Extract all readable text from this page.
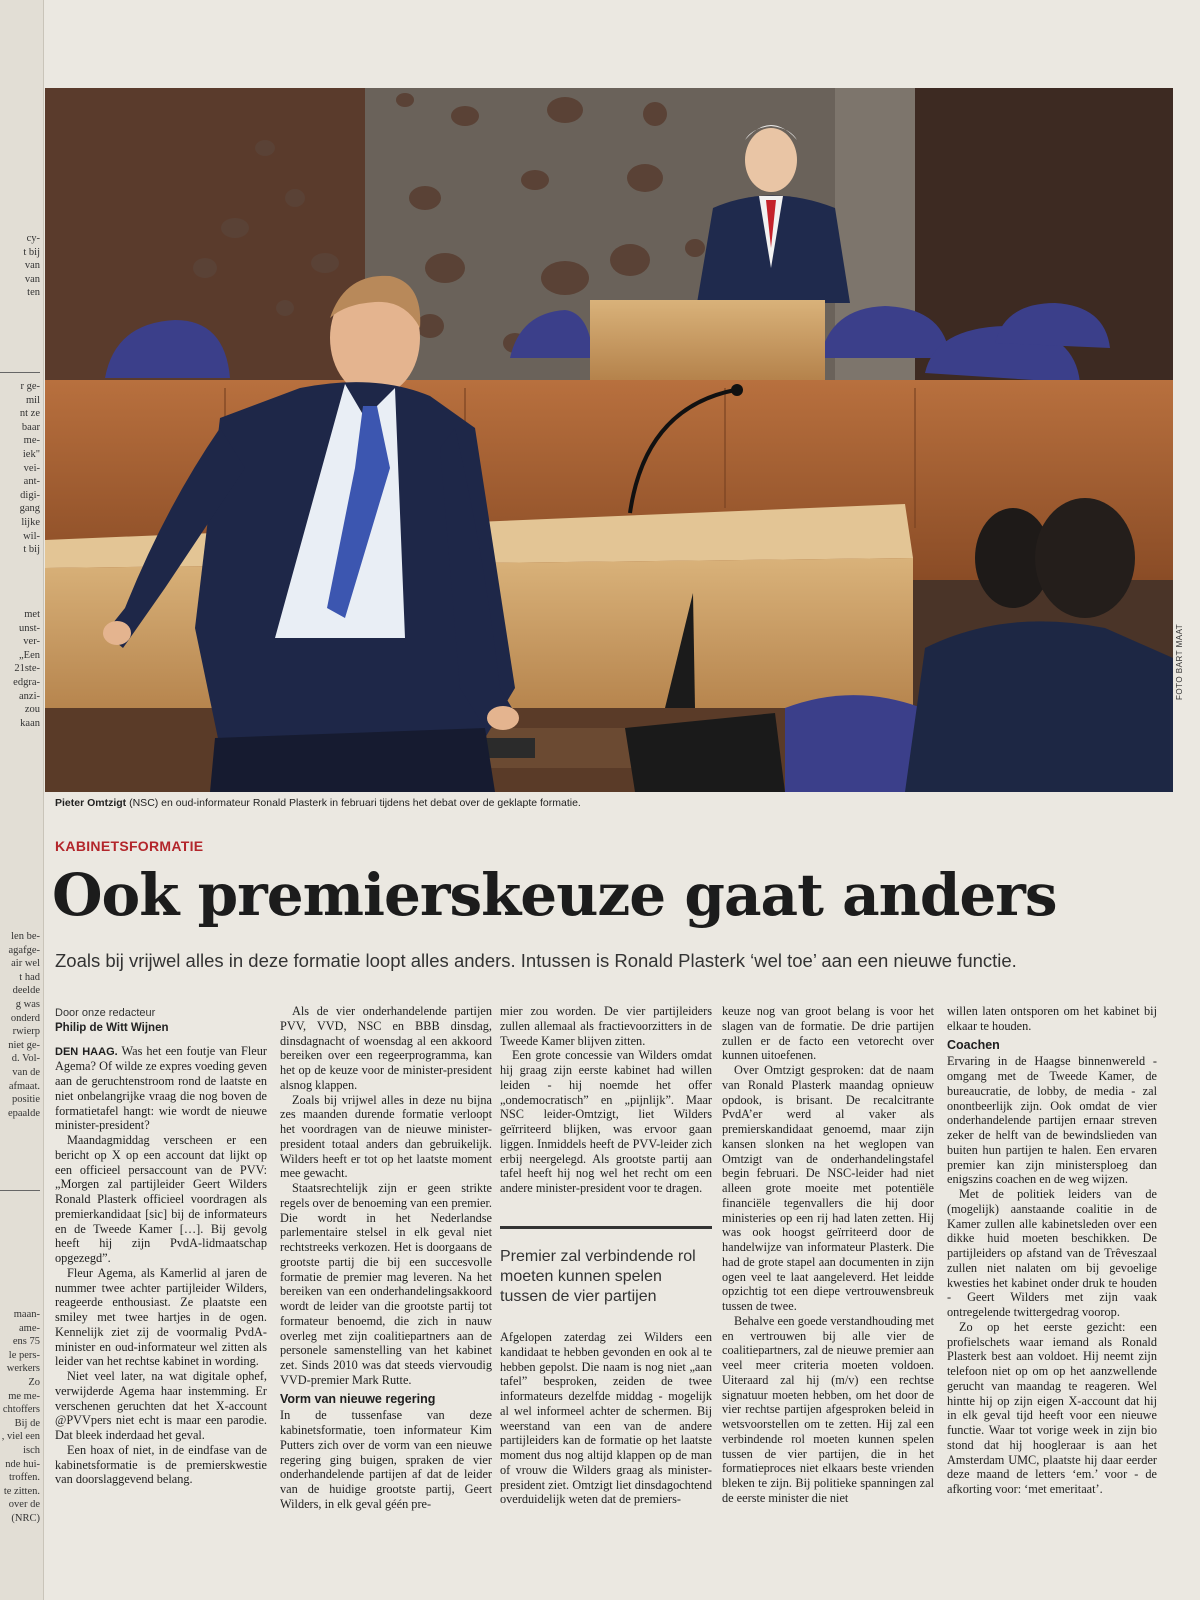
cy-
t bij
van
van
ten
r ge-
mil
nt ze
baar
me-
iek"
vei-
ant-
digi-
gang
lijke
wil-
t bij
met
unst-
ver-
„Een
21ste-
edgra-
anzi-
zou
kaan
len be-
agafge-
air wel
t had
deelde
g was
onderd
rwierp
niet ge-
d. Vol-
van de
afmaat.
positie
epaalde
maan-
ame-
ens 75
le pers-
werkers
Zo
me me-
chtoffers
Bij de
, viel een
isch
nde hui-
troffen.
te zitten.
over de
(NRC)
FOTO BART MAAT
Pieter Omtzigt (NSC) en oud-informateur Ronald Plasterk in februari tijdens het debat over de geklapte formatie.
KABINETSFORMATIE
Ook premierskeuze gaat anders
Zoals bij vrijwel alles in deze formatie loopt alles anders. Intussen is Ronald Plasterk ‘wel toe’ aan een nieuwe functie.
Door onze redacteur
Philip de Witt Wijnen

DEN HAAG. Was het een foutje van Fleur Agema? Of wilde ze expres voeding geven aan de geruchtenstroom rond de laatste en niet onbelangrijke vraag die nog boven de formatietafel hangt: wie wordt de nieuwe minister-president?

Maandagmiddag verscheen er een bericht op X op een account dat lijkt op een officieel persaccount van de PVV: „Morgen zal partijleider Geert Wilders Ronald Plasterk officieel voordragen als premierkandidaat [sic] bij de informateurs en de Tweede Kamer […]. Bij gevolg heeft hij zijn PvdA-lidmaatschap opgezegd”.

Fleur Agema, als Kamerlid al jaren de nummer twee achter partijleider Wilders, reageerde enthousiast. Ze plaatste een smiley met twee hartjes in de ogen. Kennelijk ziet zij de voormalig PvdA-minister en oud-informateur wel zitten als leider van het rechtse kabinet in wording.

Niet veel later, na wat digitale ophef, verwijderde Agema haar instemming. Er verschenen geruchten dat het X-account @PVVpers niet echt is maar een parodie. Dat bleek inderdaad het geval.

Een hoax of niet, in de eindfase van de kabinetsformatie is de premierskwestie van doorslaggevend belang.

Als de vier onderhandelende partijen PVV, VVD, NSC en BBB dinsdag, dinsdagnacht of woensdag al een akkoord bereiken over een regeerprogramma, kan het op de keuze voor de minister-president alsnog klappen.

Zoals bij vrijwel alles in deze nu bijna zes maanden durende formatie verloopt het voordragen van de nieuwe minister-president totaal anders dan gebruikelijk. Wilders heeft er tot op het laatste moment mee gewacht.

Staatsrechtelijk zijn er geen strikte regels over de benoeming van een premier. Die wordt in het Nederlandse parlementaire stelsel in elk geval niet rechtstreeks verkozen. Het is doorgaans de grootste partij die bij een succesvolle formatie de premier mag leveren. Na het bereiken van een onderhandelingsakkoord wordt de leider van die grootste partij tot formateur benoemd, die zich in nauw overleg met zijn coalitiepartners aan de personele samenstelling van het kabinet zet. Sinds 2010 was dat steeds viervoudig VVD-premier Mark Rutte.

Vorm van nieuwe regering

In de tussenfase van deze kabinetsformatie, toen informateur Kim Putters zich over de vorm van een nieuwe regering ging buigen, spraken de vier onderhandelende partijen af dat de leider van de huidige grootste partij, Geert Wilders, in elk geval géén pre-

mier zou worden. De vier partijleiders zullen allemaal als fractievoorzitters in de Tweede Kamer blijven zitten.

Een grote concessie van Wilders omdat hij graag zijn eerste kabinet had willen leiden - hij noemde het offer „ondemocratisch” en „pijnlijk”. Maar NSC leider-Omtzigt, liet Wilders geïrriteerd blijken, was ervoor gaan liggen. Inmiddels heeft de PVV-leider zich erbij neergelegd. Als grootste partij aan tafel heeft hij nog wel het recht om een andere minister-president voor te dragen.

Premier zal verbindende rol moeten kunnen spelen tussen de vier partijen

Afgelopen zaterdag zei Wilders een kandidaat te hebben gevonden en ook al te hebben gepolst. Die naam is nog niet „aan tafel” besproken, zeiden de twee informateurs dezelfde middag - mogelijk al wel informeel achter de schermen. Bij weerstand van een van de andere partijleiders kan de formatie op het laatste moment dus nog altijd klappen op de man of vrouw die Wilders graag als minister-president ziet. Omtzigt liet dinsdagochtend overduidelijk weten dat de premiers-

keuze nog van groot belang is voor het slagen van de formatie. De drie partijen zullen er de facto een vetorecht over kunnen uitoefenen.

Over Omtzigt gesproken: dat de naam van Ronald Plasterk maandag opnieuw opdook, is brisant. De recalcitrante PvdA’er werd al vaker als premierskandidaat genoemd, maar zijn kansen slonken na het weglopen van Omtzigt van de onderhandelingstafel begin februari. De NSC-leider had niet alleen grote moeite met potentiële financiële tegenvallers die hij door ministeries op een rij had laten zetten. Hij was ook hoogst geïrriteerd door de handelwijze van informateur Plasterk. Die had de grote stapel aan documenten in zijn ogen veel te laat aangeleverd. Het leidde opzichtig tot een diepe vertrouwensbreuk tussen de twee.

Behalve een goede verstandhouding met en vertrouwen bij alle vier de coalitiepartners, zal de nieuwe premier aan veel meer criteria moeten voldoen. Uiteraard zal hij (m/v) een rechtse signatuur moeten hebben, om het door de vier rechtse partijen afgesproken beleid in wetsvoorstellen om te zetten. Hij zal een verbindende rol moeten kunnen spelen tussen de vier partijen, die in het formatieproces niet elkaars beste vrienden bleken te zijn. Bij politieke spanningen zal de eerste minister die niet

willen laten ontsporen om het kabinet bij elkaar te houden.

Coachen

Ervaring in de Haagse binnenwereld - omgang met de Tweede Kamer, de bureaucratie, de lobby, de media - zal onontbeerlijk zijn. Ook omdat de vier onderhandelende partijen ernaar streven zeker de helft van de bewindslieden van buiten hun partijen te halen. Een ervaren premier kan zijn ministersploeg dan enigszins coachen en de weg wijzen.

Met de politiek leiders van de (mogelijk) aanstaande coalitie in de Kamer zullen alle kabinetsleden over een dikke huid moeten beschikken. De partijleiders op afstand van de Trêveszaal zullen niet nalaten om bij gevoelige kwesties het kabinet onder druk te houden - Geert Wilders met zijn vaak ontregelende twittergedrag voorop.

Zo op het eerste gezicht: een profielschets waar iemand als Ronald Plasterk best aan voldoet. Hij neemt zijn telefoon niet op om op het aanzwellende gerucht van maandag te reageren. Wel hintte hij op zijn eigen X-account dat hij in elk geval tijd heeft voor een nieuwe functie. Waar tot vorige week in zijn bio stond dat hij hoogleraar is aan het Amsterdam UMC, plaatste hij daar eerder deze maand de letters ‘em.’ voor - de afkorting voor: ‘met emeritaat’.
